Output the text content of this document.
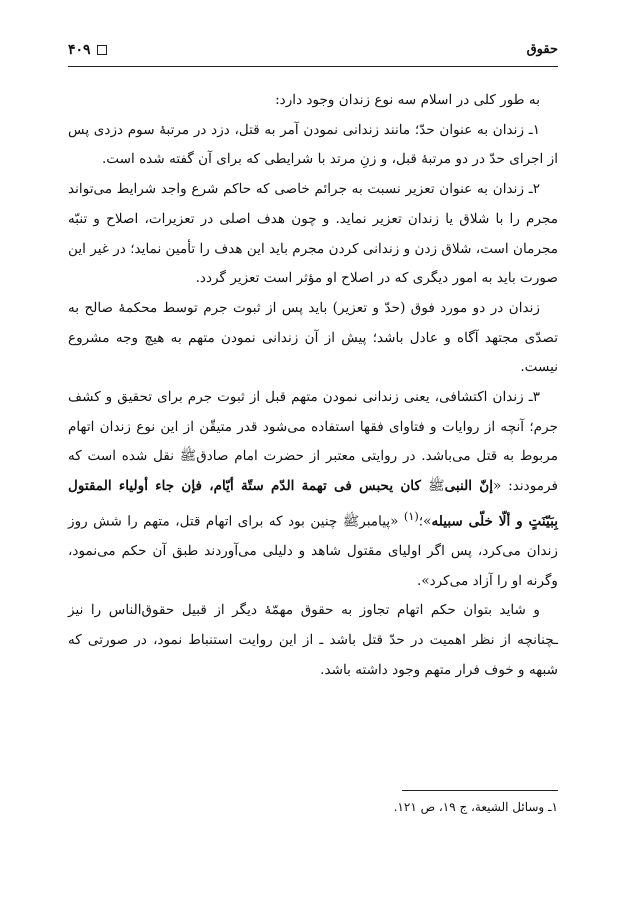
۴۰۹	حقوق

به طور کلی در اسلام سه نوع زندان وجود دارد:

۱ـ زندان به عنوان حدّ؛ مانند زندانی نمودن آمر به قتل، دزد در مرتبهٔ سوم دزدی پس از اجرای حدّ در دو مرتبهٔ قبل، و زنِ مرتد با شرایطی که برای آن گفته شده است.

۲ـ زندان به عنوان تعزیر نسبت به جرائم خاصی که حاکم شرع واجد شرایط می‌تواند مجرم را با شلاق یا زندان تعزیر نماید. و چون هدف اصلی در تعزیرات، اصلاح و تنبّه مجرمان است، شلاق زدن و زندانی کردن مجرم باید این هدف را تأمین نماید؛ در غیر این صورت باید به امور دیگری که در اصلاح او مؤثر است تعزیر گردد.

زندان در دو مورد فوق (حدّ و تعزیر) باید پس از ثبوت جرم توسط محکمهٔ صالح به تصدّی مجتهد آگاه و عادل باشد؛ پیش از آن زندانی نمودن متهم به هیچ وجه مشروع نیست.

۳ـ زندان اکتشافی، یعنی زندانی نمودن متهم قبل از ثبوت جرم برای تحقیق و کشف جرم؛ آنچه از روایات و فتاوای فقها استفاده می‌شود قدر متیقّن از این نوع زندان اتهام مربوط به قتل می‌باشد. در روایتی معتبر از حضرت امام صادقﷺ نقل شده است که فرمودند: «إنّ النبیﷺ کان یحبس فی تهمة الدّم ستّة أیّام، فإن جاء أولیاء المقتول بِبَیّنَتٍ و ألّا خلّی سبیله»؛$^{(۱)}$ «پیامبرﷺ چنین بود که برای اتهام قتل، متهم را شش روز زندان می‌کرد، پس اگر اولیای مقتول شاهد و دلیلی می‌آوردند طبق آن حکم می‌نمود، وگرنه او را آزاد می‌کرد».

و شاید بتوان حکم اتهام تجاوز به حقوق مهمّهٔ دیگر از قبیل حقوق‌الناس را نیز ـچنانچه از نظر اهمیت در حدّ قتل باشد ـ از این روایت استنباط نمود، در صورتی که شبهه و خوف فرار متهم وجود داشته باشد.

۱ـ وسائل الشیعة، ج ۱۹، ص ۱۲۱.
